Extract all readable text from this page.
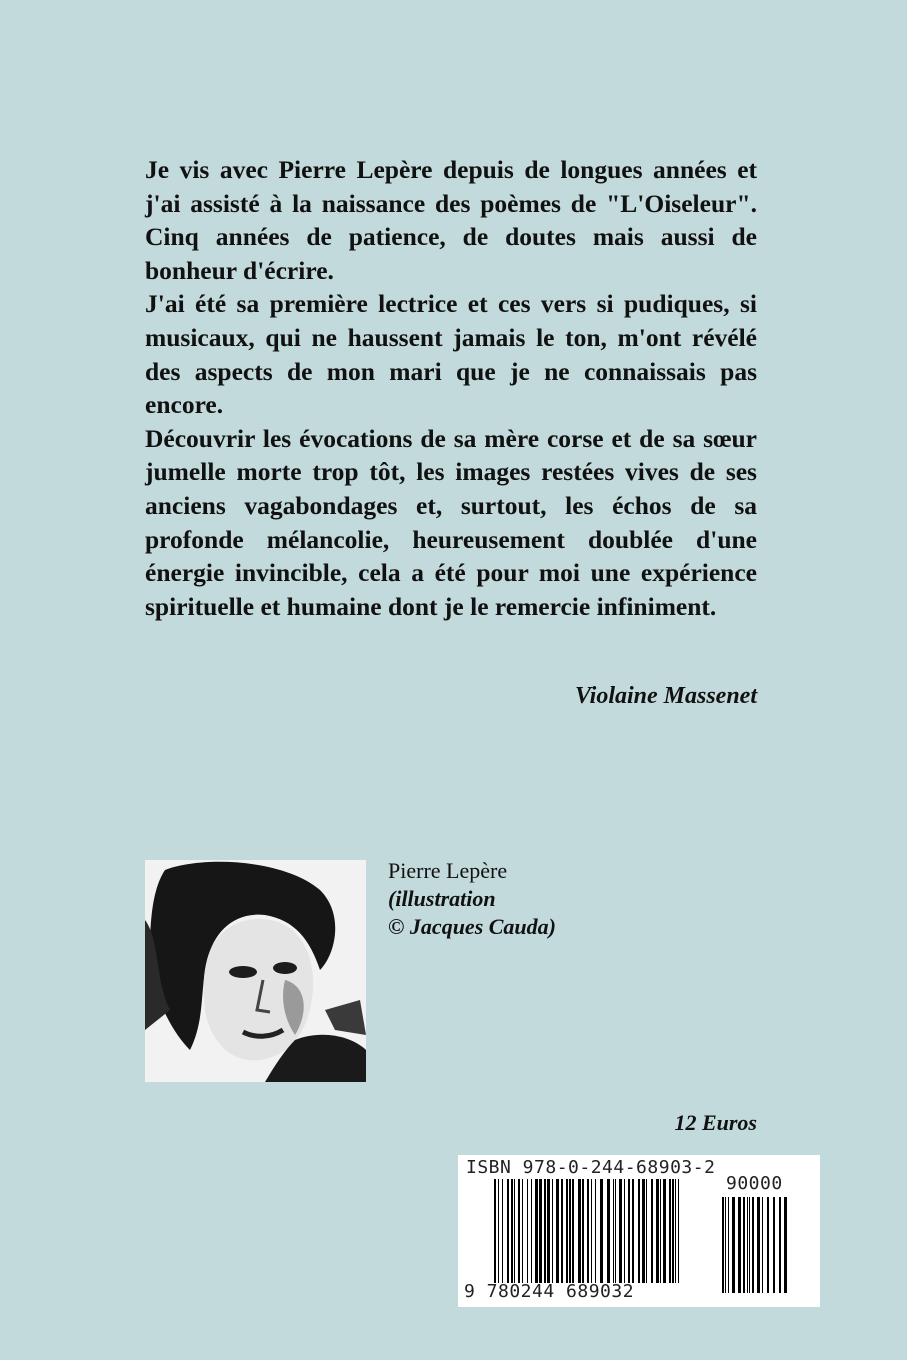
Je vis avec Pierre Lepère depuis de longues années et j'ai assisté à la naissance des poèmes de "L'Oiseleur". Cinq années de patience, de doutes mais aussi de bonheur d'écrire.

J'ai été sa première lectrice et ces vers si pudiques, si musicaux, qui ne haussent jamais le ton, m'ont révélé des aspects de mon mari que je ne connaissais pas encore.

Découvrir les évocations de sa mère corse et de sa sœur jumelle morte trop tôt, les images restées vives de ses anciens vagabondages et, surtout, les échos de sa profonde mélancolie, heureusement doublée d'une énergie invincible, cela a été pour moi une expérience spirituelle et humaine dont je le remercie infiniment.

Violaine Massenet
Pierre Lepère
(illustration
© Jacques Cauda)
12 Euros
ISBN 978-0-244-68903-2
90000
9 780244 689032
